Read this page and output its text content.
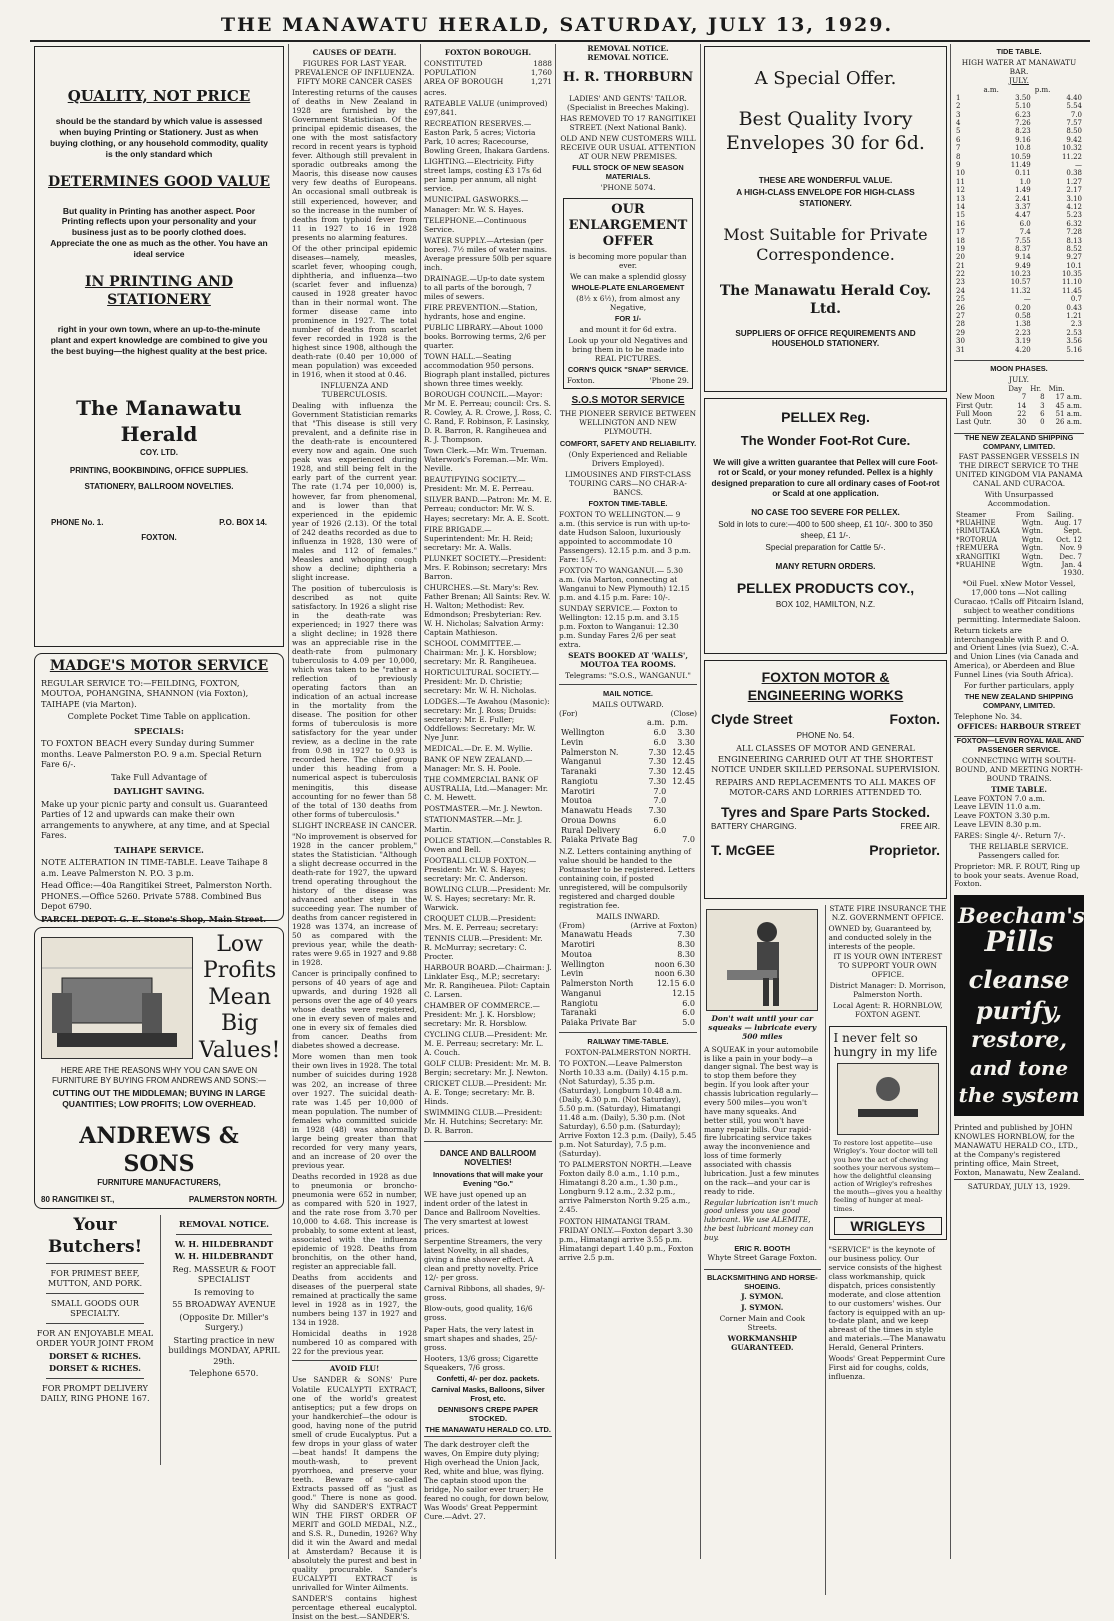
THE MANAWATU HERALD, SATURDAY, JULY 13, 1929.
QUALITY, NOT PRICE

should be the standard by which value is assessed when buying Printing or Stationery. Just as when buying clothing, or any household commodity, quality is the only standard which

DETERMINES GOOD VALUE

But quality in Printing has another aspect. Poor Printing reflects upon your personality and your business just as to be poorly clothed does. Appreciate the one as much as the other. You have an ideal service

IN PRINTING AND STATIONERY

right in your own town, where an up-to-the-minute plant and expert knowledge are combined to give you the best buying—the highest quality at the best price.

The Manawatu Herald
COY. LTD.
PRINTING, BOOKBINDING, OFFICE SUPPLIES.
STATIONERY, BALLROOM NOVELTIES.
PHONE No. 1.	P.O. BOX 14.
FOXTON.
MADGE'S MOTOR SERVICE

REGULAR SERVICE TO:—FEILDING, FOXTON, MOUTOA, POHANGINA, SHANNON (via Foxton), TAIHAPE (via Marton).

Complete Pocket Time Table on application.

SPECIALS:

TO FOXTON BEACH every Sunday during Summer months. Leave Palmerston P.O. 9 a.m. Special Return Fare 6/-.

Take Full Advantage of

DAYLIGHT SAVING.

Make up your picnic party and consult us. Guaranteed Parties of 12 and upwards can make their own arrangements to anywhere, at any time, and at Special Fares.

TAIHAPE SERVICE.

NOTE ALTERATION IN TIME-TABLE. Leave Taihape 8 a.m. Leave Palmerston N. P.O. 3 p.m.

Head Office:—40a Rangitikei Street, Palmerston North. PHONES.—Office 5260. Private 5788. Combined Bus Depot 6790.

PARCEL DEPOT: G. E. Stone's Shop, Main Street.

Low Profits Mean Big Values!

HERE ARE THE REASONS WHY YOU CAN SAVE ON FURNITURE BY BUYING FROM ANDREWS AND SONS:—

CUTTING OUT THE MIDDLEMAN; BUYING IN LARGE QUANTITIES; LOW PROFITS; LOW OVERHEAD.

ANDREWS & SONS
FURNITURE MANUFACTURERS,
80 RANGITIKEI ST.,	PALMERSTON NORTH.
Your Butchers!

FOR PRIMEST BEEF, MUTTON, AND PORK.

SMALL GOODS OUR SPECIALTY.

FOR AN ENJOYABLE MEAL ORDER YOUR JOINT FROM

DORSET & RICHES.

DORSET & RICHES.

FOR PROMPT DELIVERY DAILY, RING PHONE 167.

REMOVAL NOTICE.

W. H. HILDEBRANDT

W. H. HILDEBRANDT

Reg. MASSEUR & FOOT SPECIALIST

Is removing to

55 BROADWAY AVENUE

(Opposite Dr. Miller's Surgery.)

Starting practice in new buildings MONDAY, APRIL 29th.

Telephone 6570.

CAUSES OF DEATH.
FIGURES FOR LAST YEAR.
PREVALENCE OF INFLUENZA.
FIFTY MORE CANCER CASES

Interesting returns of the causes of deaths in New Zealand in 1928 are furnished by the Government Statistician. Of the principal epidemic diseases, the one with the most satisfactory record in recent years is typhoid fever. Although still prevalent in sporadic outbreaks among the Maoris, this disease now causes very few deaths of Europeans. An occasional small outbreak is still experienced, however, and so the increase in the number of deaths from typhoid fever from 11 in 1927 to 16 in 1928 presents no alarming features.

Of the other principal epidemic diseases—namely, measles, scarlet fever, whooping cough, diphtheria, and influenza—two (scarlet fever and influenza) caused in 1928 greater havoc than in their normal wont. The former disease came into prominence in 1927. The total number of deaths from scarlet fever recorded in 1928 is the highest since 1908, although the death-rate (0.40 per 10,000 of mean population) was exceeded in 1916, when it stood at 0.46.

INFLUENZA AND TUBERCULOSIS.

Dealing with influenza the Government Statistician remarks that "This disease is still very prevalent, and a definite rise in the death-rate is encountered every now and again. One such peak was experienced during 1928, and still being felt in the early part of the current year. The rate (1.74 per 10,000) is, however, far from phenomenal, and is lower than that experienced in the epidemic year of 1926 (2.13). Of the total of 242 deaths recorded as due to influenza in 1928, 130 were of males and 112 of females." Measles and whooping cough show a decline; diphtheria a slight increase.

The position of tuberculosis is described as not quite satisfactory. In 1926 a slight rise in the death-rate was experienced; in 1927 there was a slight decline; in 1928 there was an appreciable rise in the death-rate from pulmonary tuberculosis to 4.09 per 10,000, which was taken to be "rather a reflection of previously operating factors than an indication of an actual increase in the mortality from the disease. The position for other forms of tuberculosis is more satisfactory for the year under review, as a decline in the rate from 0.98 in 1927 to 0.93 is recorded here. The chief group under this heading from a numerical aspect is tuberculosis meningitis, this disease accounting for no fewer than 58 of the total of 130 deaths from other forms of tuberculosis."

SLIGHT INCREASE IN CANCER.

"No improvement is observed for 1928 in the cancer problem," states the Statistician. "Although a slight decrease occurred in the death-rate for 1927, the upward trend operating throughout the history of the disease was advanced another step in the succeeding year. The number of deaths from cancer registered in 1928 was 1374, an increase of 50 as compared with the previous year, while the death-rates were 9.65 in 1927 and 9.88 in 1928.

Cancer is principally confined to persons of 40 years of age and upwards, and during 1928 all persons over the age of 40 years whose deaths were registered, one in every seven of males and one in every six of females died from cancer. Deaths from diabetes showed a decrease.

More women than men took their own lives in 1928. The total number of suicides during 1928 was 202, an increase of three over 1927. The suicidal death-rate was 1.45 per 10,000 of mean population. The number of females who committed suicide in 1928 (48) was abnormally large being greater than that recorded for very many years, and an increase of 20 over the previous year.

Deaths recorded in 1928 as due to pneumonia or broncho-pneumonia were 652 in number, as compared with 520 in 1927, and the rate rose from 3.70 per 10,000 to 4.68. This increase is probably, to some extent at least, associated with the influenza epidemic of 1928. Deaths from bronchitis, on the other hand, register an appreciable fall.

Deaths from accidents and diseases of the puerperal state remained at practically the same level in 1928 as in 1927, the numbers being 137 in 1927 and 134 in 1928.

Homicidal deaths in 1928 numbered 10 as compared with 22 for the previous year.

AVOID FLU!

Use SANDER & SONS' Pure Volatile EUCALYPTI EXTRACT, one of the world's greatest antiseptics; put a few drops on your handkerchief—the odour is good, having none of the putrid smell of crude Eucalyptus. Put a few drops in your glass of water—beat hands! It dampens the mouth-wash, to prevent pyorrhoea, and preserve your teeth. Beware of so-called Extracts passed off as "just as good." There is none as good. Why did SANDER'S EXTRACT WIN THE FIRST ORDER OF MERIT and GOLD MEDAL, N.Z., and S.S. R., Dunedin, 1926? Why did it win the Award and medal at Amsterdam? Because it is absolutely the purest and best in quality procurable. Sander's EUCALYPTI EXTRACT is unrivalled for Winter Ailments.

SANDER'S contains highest percentage ethereal eucalyptol. Insist on the best.—SANDER'S.

FOXTON BOROUGH.
CONSTITUTED	1888
POPULATION	1,760
AREA OF BOROUGH	1,271

acres.

RATEABLE VALUE (unimproved) £97,841.

RECREATION RESERVES.—Easton Park, 5 acres; Victoria Park, 10 acres; Racecourse, Bowling Green, Ihakara Gardens.

LIGHTING.—Electricity. Fifty street lamps, costing £3 17s 6d per lamp per annum, all night service.

MUNICIPAL GASWORKS.—Manager: Mr. W. S. Hayes.

TELEPHONE.—Continuous Service.

WATER SUPPLY.—Artesian (per bores). 7½ miles of water mains. Average pressure 50lb per square inch.

DRAINAGE.—Up-to date system to all parts of the borough, 7 miles of sewers.

FIRE PREVENTION.—Station, hydrants, hose and engine.

PUBLIC LIBRARY.—About 1000 books. Borrowing terms, 2/6 per quarter.

TOWN HALL.—Seating accommodation 950 persons. Biograph plant installed, pictures shown three times weekly.

BOROUGH COUNCIL.—Mayor: Mr M. E. Perreau; council: Crs. S. R. Cowley, A. R. Crowe, J. Ross, C. C. Rand, F. Robinson, F. Lasinsky, D. R. Barron, R. Rangiheuea and R. J. Thompson.

Town Clerk.—Mr. Wm. Trueman. Waterwork's Foreman.—Mr. Wm. Neville.

BEAUTIFYING SOCIETY.—President: Mr. M. E. Perreau.

SILVER BAND.—Patron: Mr. M. E. Perreau; conductor: Mr. W. S. Hayes; secretary: Mr. A. E. Scott.

FIRE BRIGADE.—Superintendent: Mr. H. Reid; secretary: Mr. A. Walls.

PLUNKET SOCIETY.—President: Mrs. F. Robinson; secretary: Mrs Barron.

CHURCHES.—St. Mary's: Rev. Father Brenan; All Saints: Rev. W. H. Walton; Methodist: Rev. Edmondson; Presbyterian: Rev. W. H. Nicholas; Salvation Army: Captain Mathieson.

SCHOOL COMMITTEE.—Chairman: Mr. J. K. Horsblow; secretary: Mr. R. Rangiheuea.

HORTICULTURAL SOCIETY.—President: Mr. D. Christie; secretary: Mr. W. H. Nicholas.

LODGES.—Te Awahou (Masonic): secretary: Mr. J. Ross; Druids: secretary: Mr. E. Fuller; Oddfellows: Secretary: Mr. W. Nye Junr.

MEDICAL.—Dr. E. M. Wyllie.

BANK OF NEW ZEALAND.—Manager: Mr. S. H. Poole.

THE COMMERCIAL BANK OF AUSTRALIA, Ltd.—Manager: Mr. C. M. Hewett.

POSTMASTER.—Mr. J. Newton.

STATIONMASTER.—Mr. J. Martin.

POLICE STATION.—Constables R. Owen and Bell.

FOOTBALL CLUB FOXTON.—President: Mr. W. S. Hayes; secretary: Mr. C. Anderson.

BOWLING CLUB.—President: Mr. W. S. Hayes; secretary: Mr. R. Warwick.

CROQUET CLUB.—President: Mrs. M. E. Perreau; secretary:

TENNIS CLUB.—President: Mr. R. McMurray; secretary: C. Procter.

HARBOUR BOARD.—Chairman: J. Linklater Esq., M.P.; secretary: Mr. R. Rangiheuea. Pilot: Captain C. Larsen.

CHAMBER OF COMMERCE.—President: Mr. J. K. Horsblow; secretary: Mr. R. Horsblow.

CYCLING CLUB.—President: Mr. M. E. Perreau; secretary: Mr. L. A. Couch.

GOLF CLUB: President: Mr. M. B. Bergin; secretary: Mr. J. Newton.

CRICKET CLUB.—President: Mr. A. E. Tonge; secretary: Mr. B. Hinds.

SWIMMING CLUB.—President: Mr. H. Hutchins; Secretary: Mr. D. R. Barron.

DANCE AND BALLROOM NOVELTIES!
Innovations that will make your Evening "Go."

WE have just opened up an indent order of the latest in Dance and Ballroom Novelties. The very smartest at lowest prices.

Serpentine Streamers, the very latest Novelty, in all shades, giving a fine shower effect. A clean and pretty novelty. Price 12/- per gross.

Carnival Ribbons, all shades, 9/- gross.

Blow-outs, good quality, 16/6 gross.

Paper Hats, the very latest in smart shapes and shades, 25/- gross.

Hooters, 13/6 gross; Cigarette Squeakers, 7/6 gross.

Confetti, 4/- per doz. packets.

Carnival Masks, Balloons, Silver Frost, etc.

DENNISON'S CREPE PAPER STOCKED.

THE MANAWATU HERALD CO. LTD.

The dark destroyer cleft the waves, On Empire duty plying; High overhead the Union Jack, Red, white and blue, was flying. The captain stood upon the bridge, No sailor ever truer; He feared no cough, for down below, Was Woods' Great Peppermint Cure.—Advt. 27.

REMOVAL NOTICE.
REMOVAL NOTICE.
H. R. THORBURN

LADIES' AND GENTS' TAILOR. (Specialist in Breeches Making).

HAS REMOVED TO 17 RANGITIKEI STREET. (Next National Bank).

OLD AND NEW CUSTOMERS WILL RECEIVE OUR USUAL ATTENTION AT OUR NEW PREMISES.

FULL STOCK OF NEW SEASON MATERIALS.

'PHONE 5074.

OUR ENLARGEMENT OFFER

is becoming more popular than ever.

We can make a splendid glossy

WHOLE-PLATE ENLARGEMENT

(8½ x 6½), from almost any Negative,

FOR 1/-

and mount it for 6d extra.

Look up your old Negatives and bring them in to be made into REAL PICTURES.

CORN'S QUICK "SNAP" SERVICE.

Foxton.	'Phone 29.
S.O.S MOTOR SERVICE

THE PIONEER SERVICE BETWEEN WELLINGTON AND NEW PLYMOUTH.

COMFORT, SAFETY AND RELIABILITY.

(Only Experienced and Reliable Drivers Employed).

LIMOUSINES AND FIRST-CLASS TOURING CARS—NO CHAR-A-BANCS.

FOXTON TIME-TABLE.

FOXTON TO WELLINGTON.— 9 a.m. (this service is run with up-to-date Hudson Saloon, luxuriously appointed to accommodate 10 Passengers). 12.15 p.m. and 3 p.m. Fare: 15/-.

FOXTON TO WANGANUI.— 5.30 a.m. (via Marton, connecting at Wanganui to New Plymouth) 12.15 p.m. and 4.15 p.m. Fare: 10/-.

SUNDAY SERVICE.— Foxton to Wellington: 12.15 p.m. and 3.15 p.m. Foxton to Wanganui: 12.30 p.m. Sunday Fares 2/6 per seat extra.

SEATS BOOKED AT 'WALLS', MOUTOA TEA ROOMS.

Telegrams: "S.O.S., WANGANUI."

MAIL NOTICE.
MAILS OUTWARD.
(For)	(Close)
	a.m.	p.m.
Wellington	6.0	3.30
Levin	6.0	3.30
Palmerston N.	7.30	12.45
Wanganui	7.30	12.45
Taranaki	7.30	12.45
Rangiotu	7.30	12.45
Marotiri	7.0	
Moutoa	7.0	
Manawatu Heads	7.30	
Oroua Downs	6.0	
Rural Delivery	6.0	
Paiaka Private Bag		7.0

N.Z. Letters containing anything of value should be handed to the Postmaster to be registered. Letters containing coin, if posted unregistered, will be compulsorily registered and charged double registration fee.

MAILS INWARD.
(From)	(Arrive at Foxton)
Manawatu Heads	7.30
Marotiri	8.30
Moutoa	8.30
Wellington	noon 6.30
Levin	noon 6.30
Palmerston North	12.15 6.0
Wanganui	12.15
Rangiotu	6.0
Taranaki	6.0
Paiaka Private Bar	5.0
RAILWAY TIME-TABLE.
FOXTON-PALMERSTON NORTH.

TO FOXTON.—Leave Palmerston North 10.33 a.m. (Daily) 4.15 p.m. (Not Saturday), 5.35 p.m. (Saturday), Longburn 10.48 a.m. (Daily, 4.30 p.m. (Not Saturday), 5.50 p.m. (Saturday), Himatangi 11.48 a.m. (Daily), 5.30 p.m. (Not Saturday), 6.50 p.m. (Saturday); Arrive Foxton 12.3 p.m. (Daily), 5.45 p.m. Not Saturday), 7.5 p.m. (Saturday).

TO PALMERSTON NORTH.—Leave Foxton daily 8.0 a.m., 1.10 p.m., Himatangi 8.20 a.m., 1.30 p.m., Longburn 9.12 a.m., 2.32 p.m., arrive Palmerston North 9.25 a.m., 2.45.

FOXTON HIMATANGI TRAM. FRIDAY ONLY.—Foxton depart 3.30 p.m., Himatangi arrive 3.55 p.m. Himatangi depart 1.40 p.m., Foxton arrive 2.5 p.m.

A Special Offer.
Best Quality Ivory Envelopes 30 for 6d.

THESE ARE WONDERFUL VALUE.

A HIGH-CLASS ENVELOPE FOR HIGH-CLASS STATIONERY.

Most Suitable for Private Correspondence.
The Manawatu Herald Coy. Ltd.

SUPPLIERS OF OFFICE REQUIREMENTS AND HOUSEHOLD STATIONERY.

PELLEX Reg.
The Wonder Foot-Rot Cure.

We will give a written guarantee that Pellex will cure Foot-rot or Scald, or your money refunded. Pellex is a highly designed preparation to cure all ordinary cases of Foot-rot or Scald at one application.

NO CASE TOO SEVERE FOR PELLEX.

Sold in lots to cure:—400 to 500 sheep, £1 10/-. 300 to 350 sheep, £1 1/-.

Special preparation for Cattle 5/-.

MANY RETURN ORDERS.

PELLEX PRODUCTS COY.,

BOX 102, HAMILTON, N.Z.

FOXTON MOTOR & ENGINEERING WORKS
Clyde Street	Foxton.

PHONE No. 54.

ALL CLASSES OF MOTOR AND GENERAL ENGINEERING CARRIED OUT AT THE SHORTEST NOTICE UNDER SKILLED PERSONAL SUPERVISION.

REPAIRS AND REPLACEMENTS TO ALL MAKES OF MOTOR-CARS AND LORRIES ATTENDED TO.

Tyres and Spare Parts Stocked.
BATTERY CHARGING.	FREE AIR.
T. McGEE	Proprietor.
Don't wait until your car squeaks — lubricate every 500 miles

A SQUEAK in your automobile is like a pain in your body—a danger signal. The best way is to stop them before they begin. If you look after your chassis lubrication regularly—every 500 miles—you won't have many squeaks. And better still, you won't have many repair bills. Our rapid-fire lubricating service takes away the inconvenience and loss of time formerly associated with chassis lubrication. Just a few minutes on the rack—and your car is ready to ride.

Regular lubrication isn't much good unless you use good lubricant. We use ALEMITE, the best lubricant money can buy.

ERIC R. BOOTH
Whyte Street Garage Foxton.
BLACKSMITHING AND HORSE-SHOEING.

J. SYMON.

J. SYMON.

Corner Main and Cook Streets.

WORKMANSHIP GUARANTEED.

STATE FIRE INSURANCE THE N.Z. GOVERNMENT OFFICE.

OWNED by, Guaranteed by, and conducted solely in the interests of the people.

IT IS YOUR OWN INTEREST TO SUPPORT YOUR OWN OFFICE.

District Manager: D. Morrison, Palmerston North.

Local Agent: R. HORNBLOW, FOXTON AGENT.

I never felt so hungry in my life

To restore lost appetite—use Wrigley's. Your doctor will tell you how the act of chewing soothes your nervous system—how the delightful cleansing action of Wrigley's refreshes the mouth—gives you a healthy feeling of hunger at meal-times.

WRIGLEYS

"SERVICE" is the keynote of our business policy. Our service consists of the highest class workmanship, quick dispatch, prices consistently moderate, and close attention to our customers' wishes. Our factory is equipped with an up-to-date plant, and we keep abreast of the times in style and materials.—The Manawatu Herald, General Printers.

Woods' Great Peppermint Cure First aid for coughs, colds, influenza.

TIDE TABLE.
HIGH WATER AT MANAWATU BAR.
JULY.
	a.m.	p.m.
1	3.50	4.40
2	5.10	5.54
3	6.23	7.0
4	7.26	7.57
5	8.23	8.50
6	9.16	9.42
7	10.8	10.32
8	10.59	11.22
9	11.49	—
10	0.11	0.38
11	1.0	1.27
12	1.49	2.17
13	2.41	3.10
14	3.37	4.12
15	4.47	5.23
16	6.0	6.32
17	7.4	7.28
18	7.55	8.13
19	8.37	8.52
20	9.14	9.27
21	9.49	10.1
22	10.23	10.35
23	10.57	11.10
24	11.32	11.45
25	—	0.7
26	0.20	0.43
27	0.58	1.21
28	1.38	2.3
29	2.23	2.53
30	3.19	3.56
31	4.20	5.16
MOON PHASES.
JULY.
	Day	Hr.	Min.
New Moon	7	8	17 a.m.
First Qutr.	14	3	45 a.m.
Full Moon	22	6	51 a.m.
Last Qutr.	30	0	26 a.m.
THE NEW ZEALAND SHIPPING COMPANY, LIMITED.

FAST PASSENGER VESSELS IN THE DIRECT SERVICE TO THE UNITED KINGDOM VIA PANAMA CANAL AND CURACOA.

With Unsurpassed Accommodation.

Steamer	From	Sailing.
*RUAHINE	Wgtn.	Aug. 17
†RIMUTAKA	Wgtn.	Sept.
*ROTORUA	Wgtn.	Oct. 12
†REMUERA	Wgtn.	Nov. 9
xRANGITIKI	Wgtn.	Dec. 7
*RUAHINE	Wgtn.	Jan. 4
1930.

*Oil Fuel. xNew Motor Vessel, 17,000 tons —Not calling Curacao. †Calls off Pitcairn Island, subject to weather conditions permitting. Intermediate Saloon.

Return tickets are interchangeable with P. and O. and Orient Lines (via Suez), C.-A. and Union Lines (via Canada and America), or Aberdeen and Blue Funnel Lines (via South Africa).

For further particulars, apply

THE NEW ZEALAND SHIPPING COMPANY, LIMITED.

Telephone No. 34.

OFFICES: HARBOUR STREET

FOXTON—LEVIN ROYAL MAIL AND PASSENGER SERVICE.

CONNECTING WITH SOUTH-BOUND, AND MEETING NORTH-BOUND TRAINS.

TIME TABLE.
Leave FOXTON 7.0 a.m.
Leave LEVIN 11.0 a.m.
Leave FOXTON 3.30 p.m.
Leave LEVIN 8.30 p.m.

FARES: Single 4/-. Return 7/-.

THE RELIABLE SERVICE. Passengers called for.

Proprietor: MR. F. ROUT, Ring up to book your seats. Avenue Road, Foxton.

Beecham's
Pills
cleanse
purify,
restore,
and tone
the system

Printed and published by JOHN KNOWLES HORNBLOW, for the MANAWATU HERALD CO., LTD., at the Company's registered printing office, Main Street, Foxton, Manawatu, New Zealand.

SATURDAY, JULY 13, 1929.
